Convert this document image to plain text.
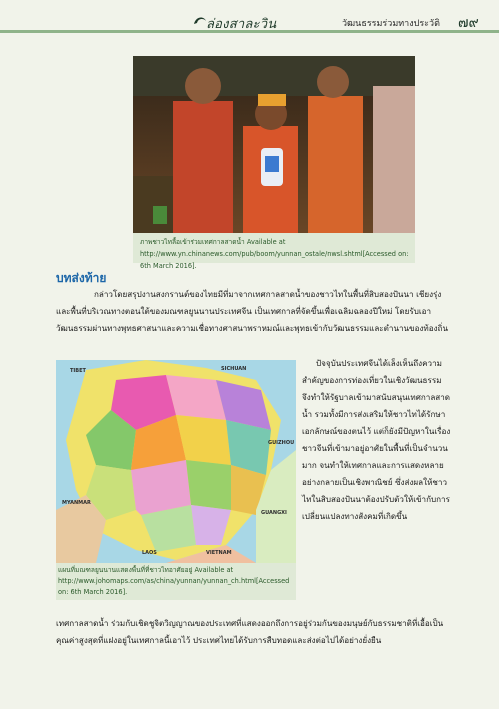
ล่องสาละวิน	วัฒนธรรมร่วมทางประวัติ ๗๙
ภาพชาวไทลื้อเข้าร่วมเทศกาลสาดน้ำ Available at http://www.yn.chinanews.com/pub/boom/yunnan_ostale/nwsl.shtml[Accessed on: 6th March 2016].
บทส่งท้าย
กล่าวโดยสรุปงานสงกรานต์ของไทยมีที่มาจากเทศกาลสาดน้ำของชาวไทในพื้นที่สิบสองปันนา เชียงรุ่ง และพื้นที่บริเวณทางตอนใต้ของมณฑลยูนนานประเทศจีน เป็นเทศกาลที่จัดขึ้นเพื่อเฉลิมฉลองปีใหม่ โดยรับเอาวัฒนธรรมผ่านทางพุทธศาสนาและความเชื่อทางศาสนาพราหมณ์และพุทธเข้ากับวัฒนธรรมและตำนานของท้องถิ่น
TIBET	SICHUAN
GUIZHOU
GUANGXI
MYANMAR
LAOS	VIETNAM
แผนที่มณฑลยูนนานแสดงพื้นที่ที่ชาวไทอาศัยอยู่ Available at http://www.johomaps.com/as/china/yunnan/yunnan_ch.html[Accessed on: 6th March 2016].
ปัจจุบันประเทศจีนได้เล็งเห็นถึงความสำคัญของการท่องเที่ยวในเชิงวัฒนธรรม จึงทำให้รัฐบาลเข้ามาสนับสนุนเทศกาลสาดน้ำ รวมทั้งมีการส่งเสริมให้ชาวไทได้รักษาเอกลักษณ์ของตนไว้ แต่ก็ยังมีปัญหาในเรื่องชาวจีนที่เข้ามาอยู่อาศัยในพื้นที่เป็นจำนวนมาก จนทำให้เทศกาลและการแสดงหลายอย่างกลายเป็นเชิงพาณิชย์ ซึ่งส่งผลให้ชาวไทในสิบสองปันนาต้องปรับตัวให้เข้ากับการเปลี่ยนแปลงทางสังคมที่เกิดขึ้น
เทศกาลสาดน้ำ ร่วมกับเชิดชูจิตวิญญาณของประเทศที่แสดงออกถึงการอยู่ร่วมกันของมนุษย์กับธรรมชาติที่เอื้อเป็นคุณค่าสูงสุดที่แฝงอยู่ในเทศกาลนี้เอาไว้ ประเทศไทยได้รับการสืบทอดและส่งต่อไปได้อย่างยั่งยืน
